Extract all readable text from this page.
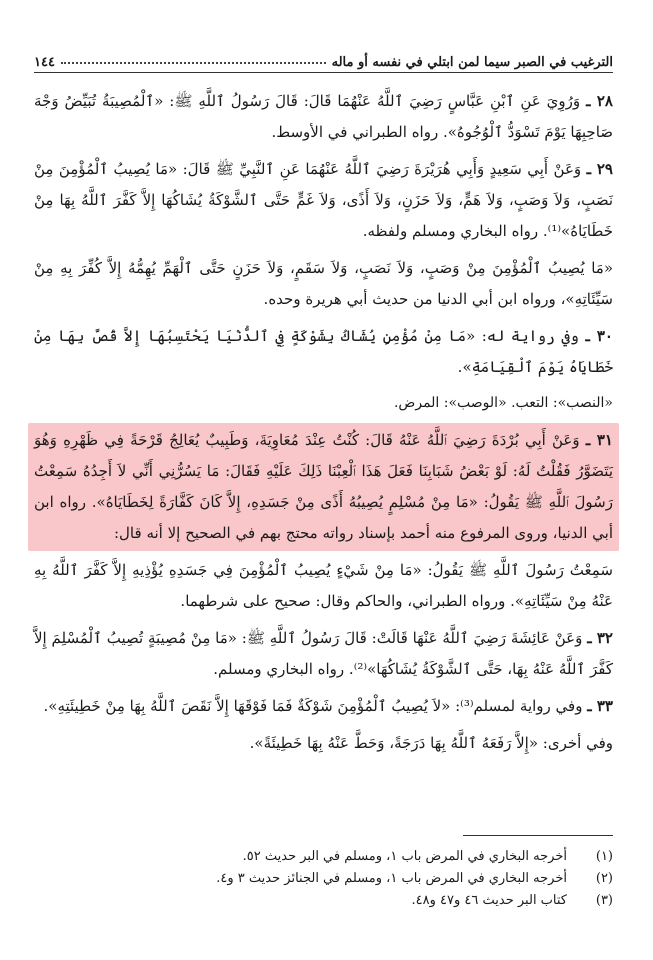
الترغيب في الصبر سيما لمن ابتلي في نفسه أو ماله
١٤٤

٢٨ ـ وَرُوِيَ عَنِ ٱبْنِ عَبَّاسٍ رَضِيَ ٱللَّهُ عَنْهُمَا قَالَ: قَالَ رَسُولُ ٱللَّهِ ﷺ: «ٱلْمُصِيبَةُ تُبَيِّضُ وَجْهَ صَاحِبِهَا يَوْمَ تَسْوَدُّ ٱلْوُجُوهُ». رواه الطبراني في الأوسط.

٢٩ ـ وَعَنْ أَبِي سَعِيدٍ وَأَبِي هُرَيْرَةَ رَضِيَ ٱللَّهُ عَنْهُمَا عَنِ ٱلنَّبِيِّ ﷺ قَالَ: «مَا يُصِيبُ ٱلْمُؤْمِنَ مِنْ نَصَبٍ، وَلاَ وَصَبٍ، وَلاَ هَمٍّ، وَلاَ حَزَنٍ، وَلاَ أَذًى، وَلاَ غَمٍّ حَتَّى ٱلشَّوْكَةُ يُشَاكُهَا إِلاَّ كَفَّرَ ٱللَّهُ بِهَا مِنْ خَطَايَاهُ»⁽¹⁾. رواه البخاري ومسلم ولفظه.

«مَا يُصِيبُ ٱلْمُؤْمِنَ مِنْ وَصَبٍ، وَلاَ نَصَبٍ، وَلاَ سَقَمٍ، وَلاَ حَزَنٍ حَتَّى ٱلْهَمِّ يُهِمُّهُ إِلاَّ كُفِّرَ بِهِ مِنْ سَيِّئَاتِهِ»، ورواه ابن أبي الدنيا من حديث أبي هريرة وحده.

٣٠ ـ وفي رواية له: «مَا مِنْ مُؤْمِنٍ يُشَاكُ بِشَوْكَةٍ فِي ٱلدُّنْيَا يَحْتَسِبُهَا إِلاَّ قُصَّ بِهَا مِنْ خَطَايَاهُ يَوْمَ ٱلْقِيَامَةِ».

«النصب»: التعب. «الوصب»: المرض.

٣١ ـ وَعَنْ أَبِي بُرْدَةَ رَضِيَ ٱللَّهُ عَنْهُ قَالَ: كُنْتُ عِنْدَ مُعَاوِيَةَ، وَطَبِيبٌ يُعَالِجُ قَرْحَةً فِي ظَهْرِهِ وَهُوَ يَتَضَوَّرُ فَقُلْتُ لَهُ: لَوْ بَعْضُ شَبَابِنَا فَعَلَ هَذَا ٱلْعِبْنَا ذَلِكَ عَلَيْهِ فَقَالَ: مَا يَسُرُّنِي أَنِّي لاَ أَجِدُهُ سَمِعْتُ رَسُولَ ٱللَّهِ ﷺ يَقُولُ: «مَا مِنْ مُسْلِمٍ يُصِيبُهُ أَذًى مِنْ جَسَدِهِ، إِلاَّ كَانَ كَفَّارَةً لِخَطَايَاهُ». رواه ابن أبي الدنيا، وروى المرفوع منه أحمد بإسناد رواته محتج بهم في الصحيح إلا أنه قال:

سَمِعْتُ رَسُولَ ٱللَّهِ ﷺ يَقُولُ: «مَا مِنْ شَيْءٍ يُصِيبُ ٱلْمُؤْمِنَ فِي جَسَدِهِ يُؤْذِيهِ إِلاَّ كَفَّرَ ٱللَّهُ بِهِ عَنْهُ مِنْ سَيِّئَاتِهِ». ورواه الطبراني، والحاكم وقال: صحيح على شرطهما.

٣٢ ـ وَعَنْ عَائِشَةَ رَضِيَ ٱللَّهُ عَنْهَا قَالَتْ: قَالَ رَسُولُ ٱللَّهِ ﷺ: «مَا مِنْ مُصِيبَةٍ تُصِيبُ ٱلْمُسْلِمَ إِلاَّ كَفَّرَ ٱللَّهُ عَنْهُ بِهَا، حَتَّى ٱلشَّوْكَةُ يُشَاكُهَا»⁽²⁾. رواه البخاري ومسلم.

٣٣ ـ وفي رواية لمسلم⁽³⁾: «لاَ يُصِيبُ ٱلْمُؤْمِنَ شَوْكَةٌ فَمَا فَوْقَهَا إِلاَّ نَقَصَ ٱللَّهُ بِهَا مِنْ خَطِيئَتِهِ».

وفي أخرى: «إِلاَّ رَفَعَهُ ٱللَّهُ بِهَا دَرَجَةً، وَحَطَّ عَنْهُ بِهَا خَطِيئَةً».

(١)
أخرجه البخاري في المرض باب ١، ومسلم في البر حديث ٥٢.
(٢)
أخرجه البخاري في المرض باب ١، ومسلم في الجنائز حديث ٣ و٤.
(٣)
كتاب البر حديث ٤٦ و٤٧ و٤٨.
